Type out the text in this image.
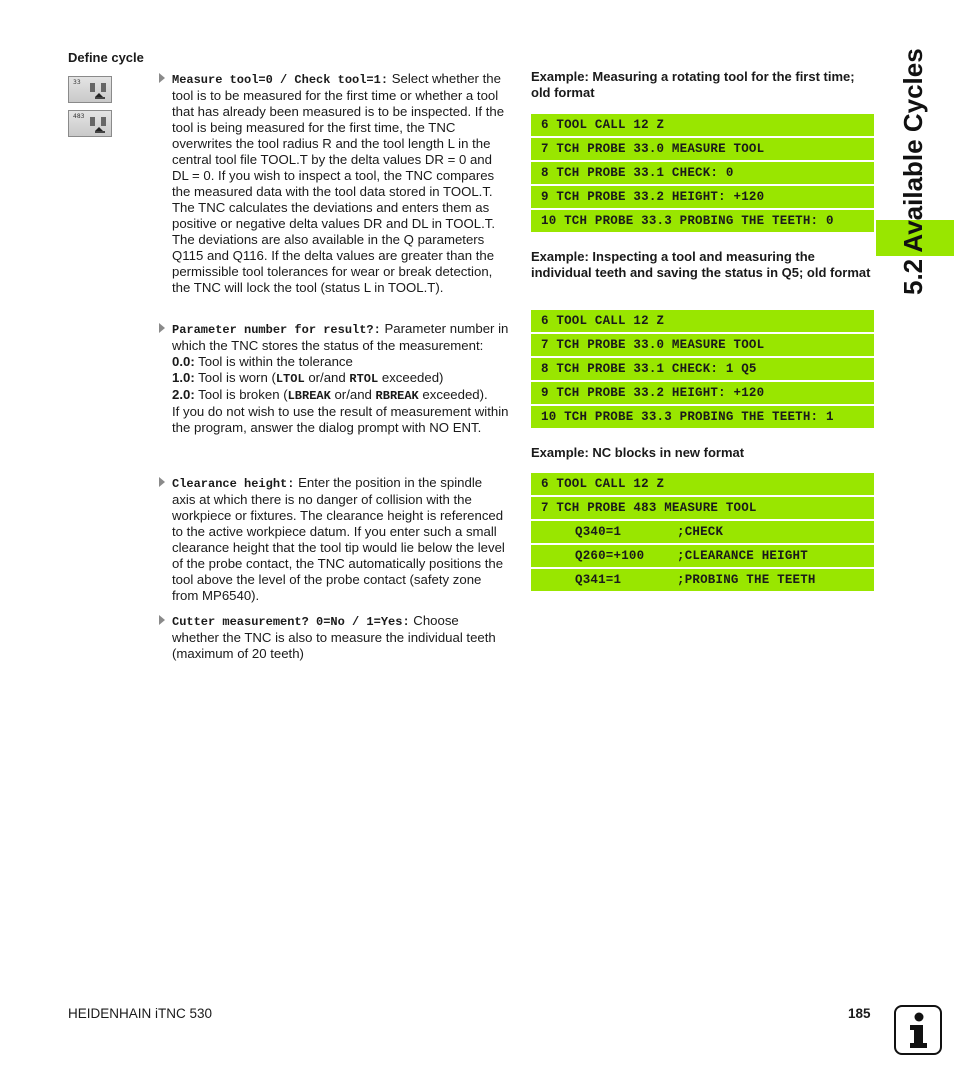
5.2 Available Cycles
Define cycle
33
483
Measure tool=0 / Check tool=1: Select whether the tool is to be measured for the first time or whether a tool that has already been measured is to be inspected. If the tool is being measured for the first time, the TNC overwrites the tool radius R and the tool length L in the central tool file TOOL.T by the delta values DR = 0 and DL = 0. If you wish to inspect a tool, the TNC compares the measured data with the tool data stored in TOOL.T. The TNC calculates the deviations and enters them as positive or negative delta values DR and DL in TOOL.T. The deviations are also available in the Q parameters Q115 and Q116. If the delta values are greater than the permissible tool tolerances for wear or break detection, the TNC will lock the tool (status L in TOOL.T).
Parameter number for result?: Parameter number in which the TNC stores the status of the measurement:
0.0: Tool is within the tolerance
1.0: Tool is worn (LTOL or/and RTOL exceeded)
2.0: Tool is broken (LBREAK or/and RBREAK exceeded).
If you do not wish to use the result of measurement within the program, answer the dialog prompt with NO ENT.
Clearance height: Enter the position in the spindle axis at which there is no danger of collision with the workpiece or fixtures. The clearance height is referenced to the active workpiece datum. If you enter such a small clearance height that the tool tip would lie below the level of the probe contact, the TNC automatically positions the tool above the level of the probe contact (safety zone from MP6540).
Cutter measurement? 0=No / 1=Yes: Choose whether the TNC is also to measure the individual teeth (maximum of 20 teeth)
Example: Measuring a rotating tool for the first time; old format
6 TOOL CALL 12 Z
7 TCH PROBE 33.0 MEASURE TOOL
8 TCH PROBE 33.1 CHECK: 0
9 TCH PROBE 33.2 HEIGHT: +120
10 TCH PROBE 33.3 PROBING THE TEETH: 0
Example: Inspecting a tool and measuring the individual teeth and saving the status in Q5; old format
6 TOOL CALL 12 Z
7 TCH PROBE 33.0 MEASURE TOOL
8 TCH PROBE 33.1 CHECK: 1 Q5
9 TCH PROBE 33.2 HEIGHT: +120
10 TCH PROBE 33.3 PROBING THE TEETH: 1
Example: NC blocks in new format
6 TOOL CALL 12 Z
7 TCH PROBE 483 MEASURE TOOL
Q340=1	;CHECK
Q260=+100	;CLEARANCE HEIGHT
Q341=1	;PROBING THE TEETH
HEIDENHAIN iTNC 530	185
